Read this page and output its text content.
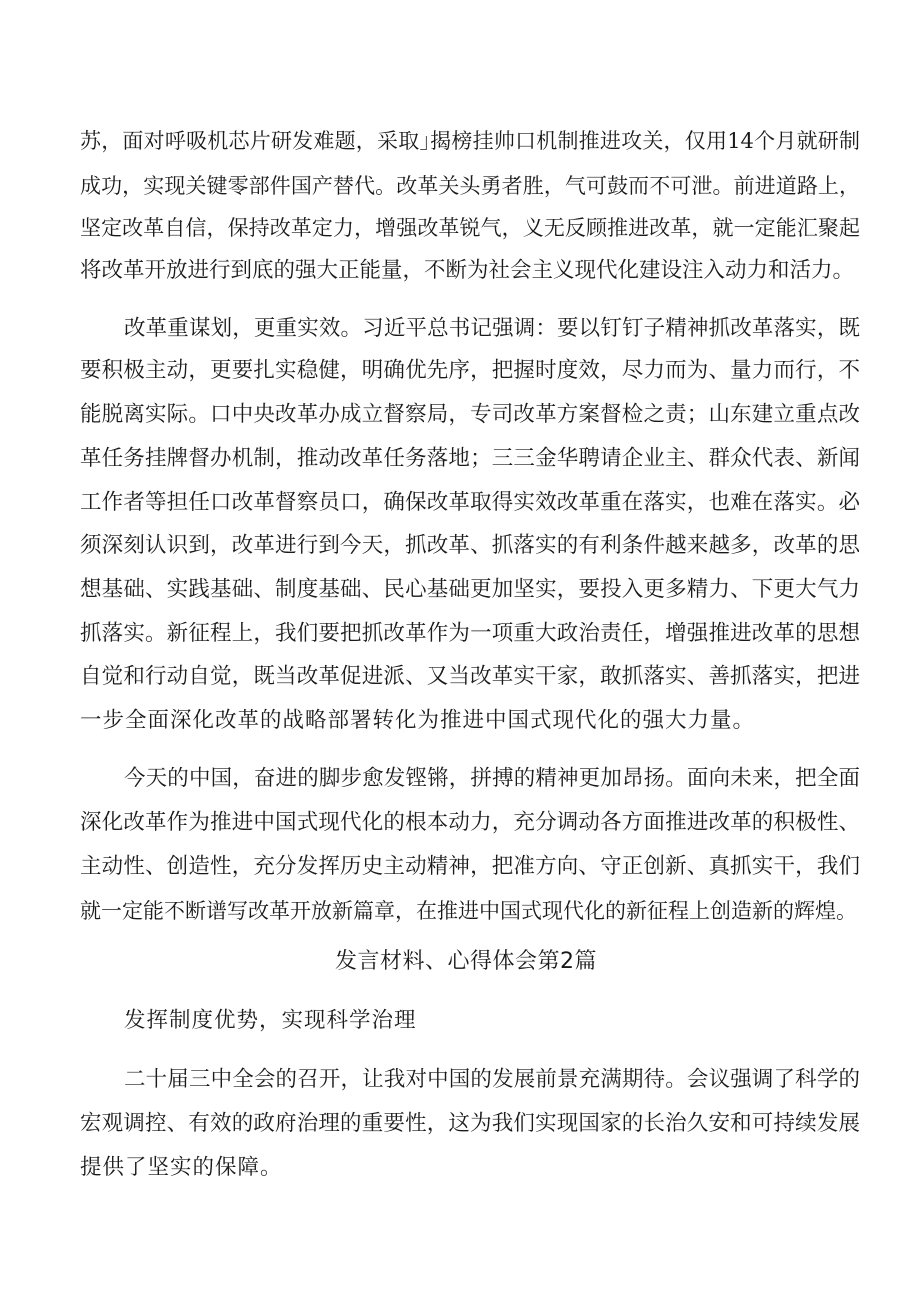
苏，面对呼吸机芯片研发难题，采取｣揭榜挂帅口机制推进攻关，仅用14个月就研制
成功，实现关键零部件国产替代。改革关头勇者胜，气可鼓而不可泄。前进道路上，
坚定改革自信，保持改革定力，增强改革锐气，义无反顾推进改革，就一定能汇聚起
将改革开放进行到底的强大正能量，不断为社会主义现代化建设注入动力和活力。
改革重谋划，更重实效。习近平总书记强调：要以钉钉子精神抓改革落实，既
要积极主动，更要扎实稳健，明确优先序，把握时度效，尽力而为、量力而行，不
能脱离实际。口中央改革办成立督察局，专司改革方案督检之责；山东建立重点改
革任务挂牌督办机制，推动改革任务落地；三三金华聘请企业主、群众代表、新闻
工作者等担任口改革督察员口，确保改革取得实效改革重在落实，也难在落实。必
须深刻认识到，改革进行到今天，抓改革、抓落实的有利条件越来越多，改革的思
想基础、实践基础、制度基础、民心基础更加坚实，要投入更多精力、下更大气力
抓落实。新征程上，我们要把抓改革作为一项重大政治责任，增强推进改革的思想
自觉和行动自觉，既当改革促进派、又当改革实干家，敢抓落实、善抓落实，把进
一步全面深化改革的战略部署转化为推进中国式现代化的强大力量。
今天的中国，奋进的脚步愈发铿锵，拼搏的精神更加昂扬。面向未来，把全面
深化改革作为推进中国式现代化的根本动力，充分调动各方面推进改革的积极性、
主动性、创造性，充分发挥历史主动精神，把准方向、守正创新、真抓实干，我们
就一定能不断谱写改革开放新篇章，在推进中国式现代化的新征程上创造新的辉煌。
发言材料、心得体会第2篇
发挥制度优势，实现科学治理
二十届三中全会的召开，让我对中国的发展前景充满期待。会议强调了科学的
宏观调控、有效的政府治理的重要性，这为我们实现国家的长治久安和可持续发展
提供了坚实的保障。
